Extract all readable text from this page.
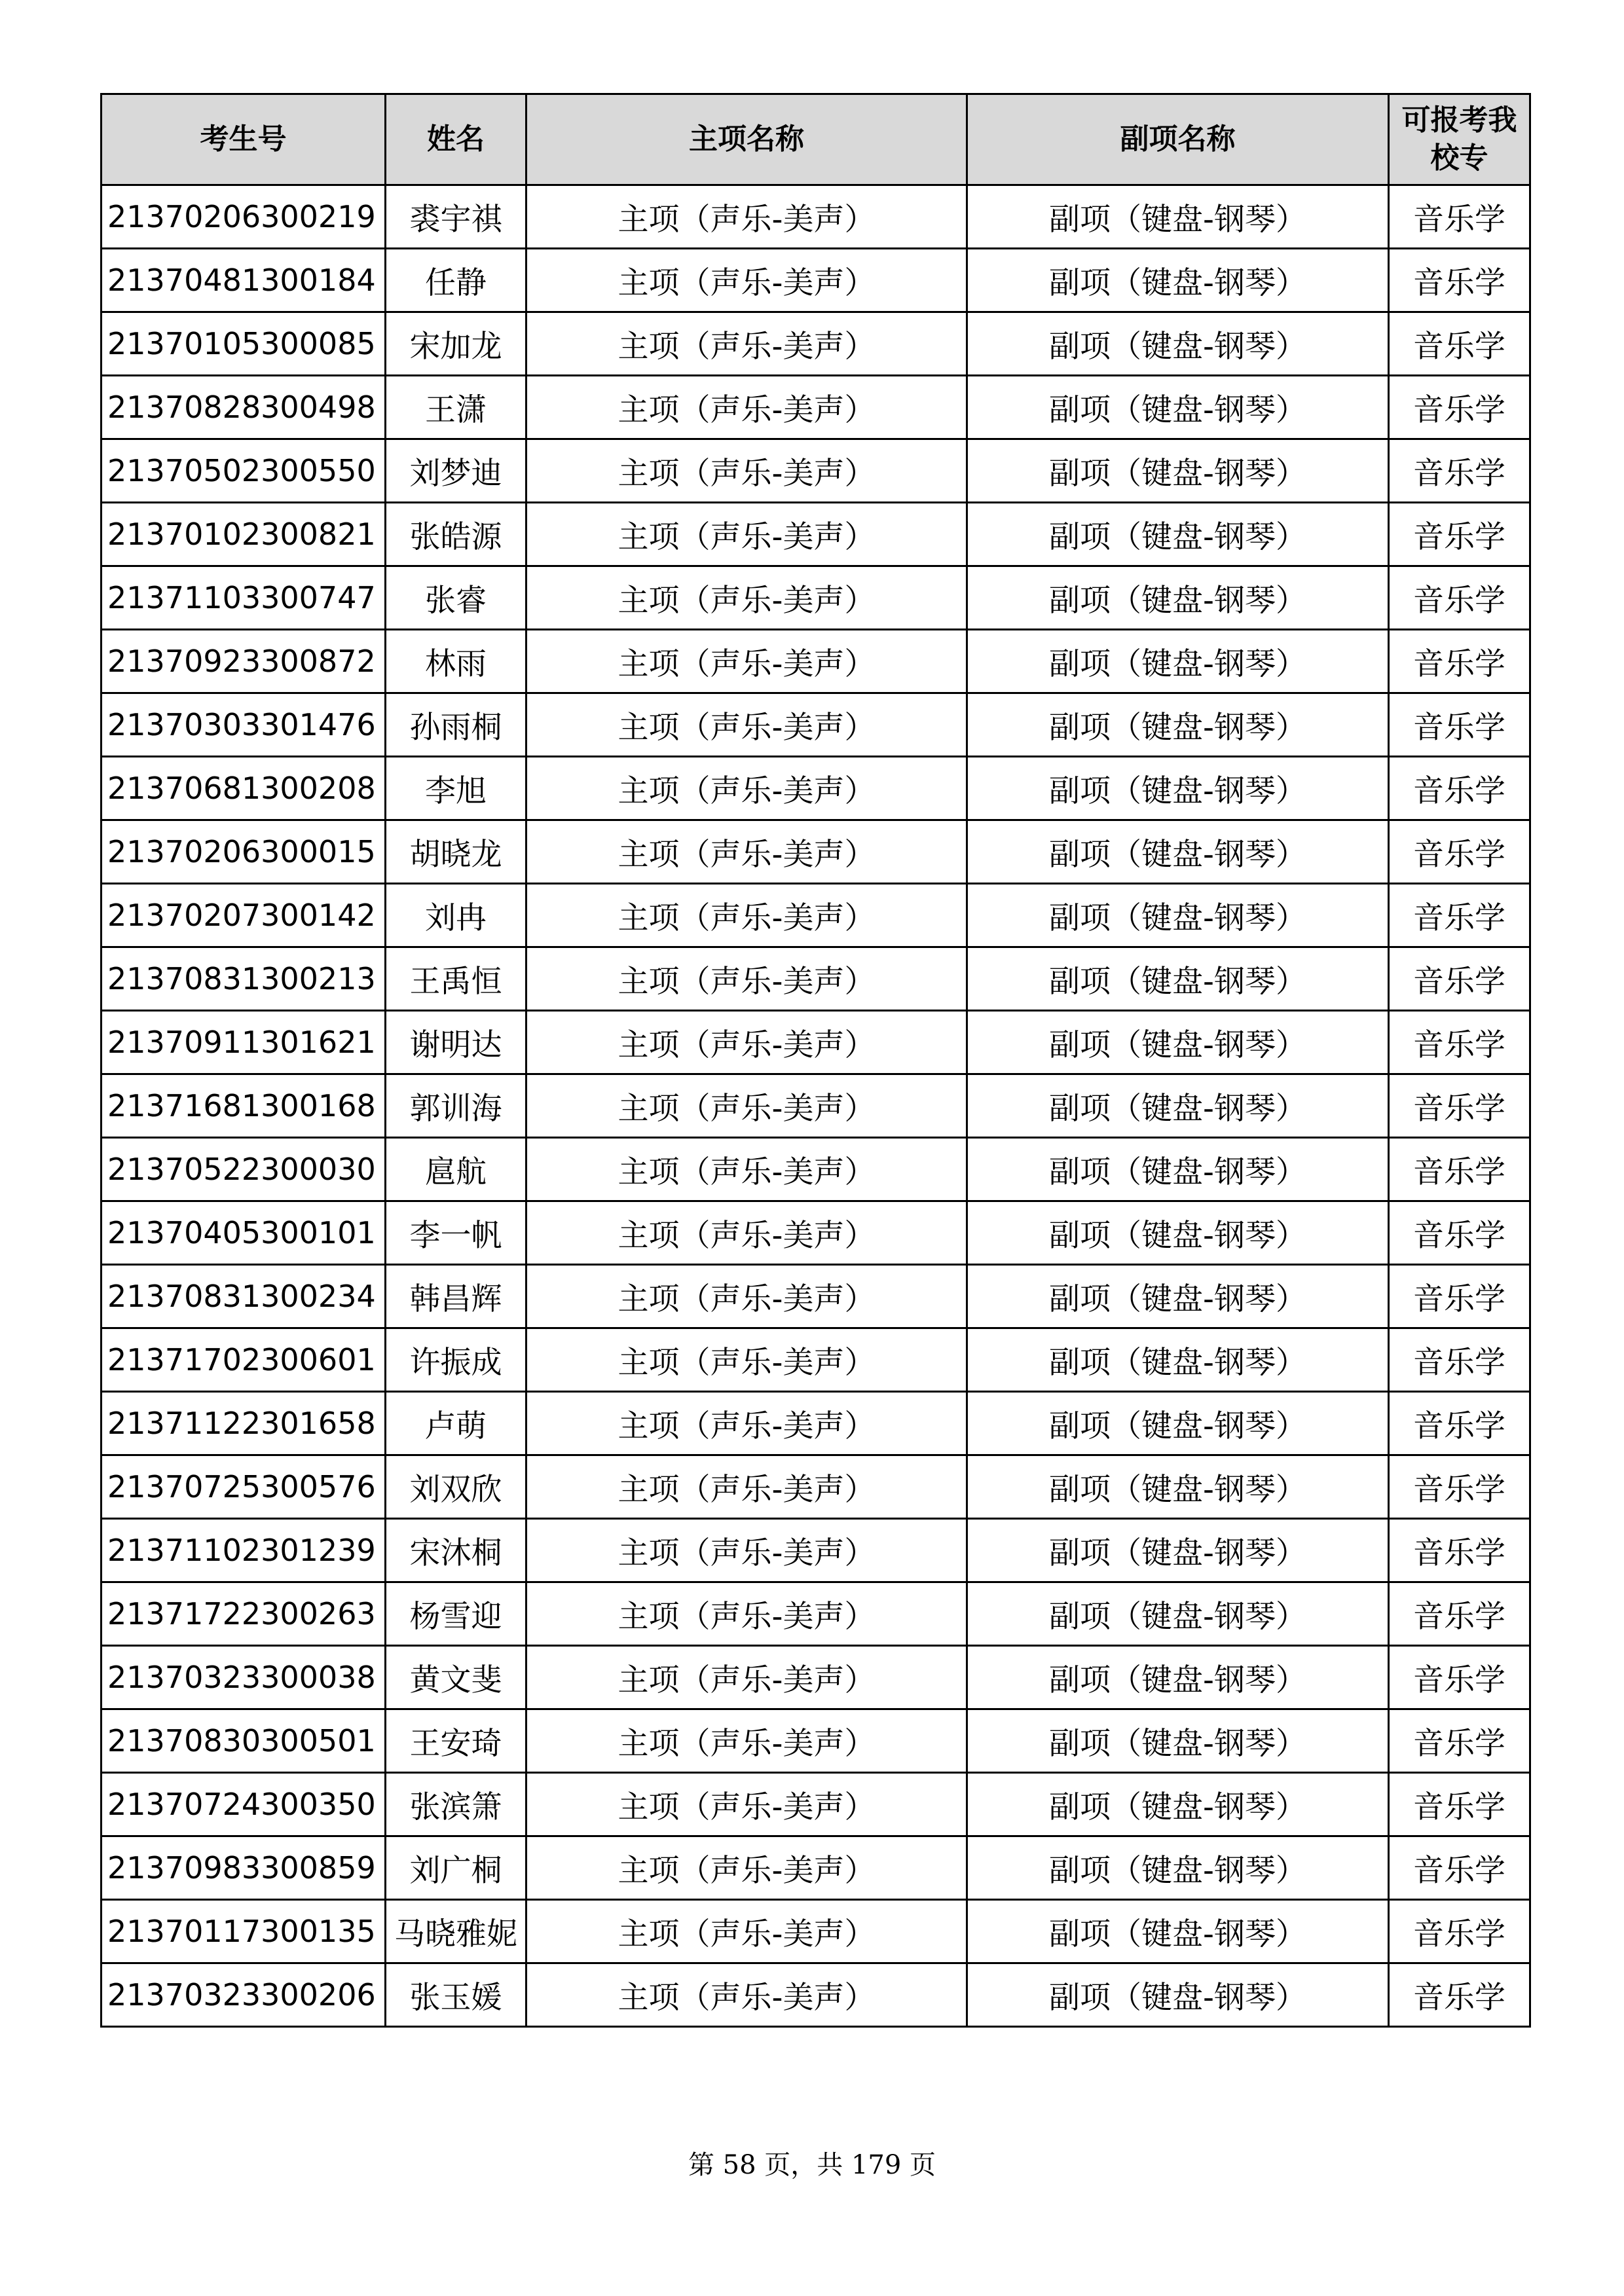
考生号	姓名	主项名称	副项名称	可报考我校专
21370206300219	裘宇祺	主项（声乐-美声）	副项（键盘-钢琴）	音乐学
21370481300184	任静	主项（声乐-美声）	副项（键盘-钢琴）	音乐学
21370105300085	宋加龙	主项（声乐-美声）	副项（键盘-钢琴）	音乐学
21370828300498	王潇	主项（声乐-美声）	副项（键盘-钢琴）	音乐学
21370502300550	刘梦迪	主项（声乐-美声）	副项（键盘-钢琴）	音乐学
21370102300821	张皓源	主项（声乐-美声）	副项（键盘-钢琴）	音乐学
21371103300747	张睿	主项（声乐-美声）	副项（键盘-钢琴）	音乐学
21370923300872	林雨	主项（声乐-美声）	副项（键盘-钢琴）	音乐学
21370303301476	孙雨桐	主项（声乐-美声）	副项（键盘-钢琴）	音乐学
21370681300208	李旭	主项（声乐-美声）	副项（键盘-钢琴）	音乐学
21370206300015	胡晓龙	主项（声乐-美声）	副项（键盘-钢琴）	音乐学
21370207300142	刘冉	主项（声乐-美声）	副项（键盘-钢琴）	音乐学
21370831300213	王禹恒	主项（声乐-美声）	副项（键盘-钢琴）	音乐学
21370911301621	谢明达	主项（声乐-美声）	副项（键盘-钢琴）	音乐学
21371681300168	郭训海	主项（声乐-美声）	副项（键盘-钢琴）	音乐学
21370522300030	扈航	主项（声乐-美声）	副项（键盘-钢琴）	音乐学
21370405300101	李一帆	主项（声乐-美声）	副项（键盘-钢琴）	音乐学
21370831300234	韩昌辉	主项（声乐-美声）	副项（键盘-钢琴）	音乐学
21371702300601	许振成	主项（声乐-美声）	副项（键盘-钢琴）	音乐学
21371122301658	卢萌	主项（声乐-美声）	副项（键盘-钢琴）	音乐学
21370725300576	刘双欣	主项（声乐-美声）	副项（键盘-钢琴）	音乐学
21371102301239	宋沐桐	主项（声乐-美声）	副项（键盘-钢琴）	音乐学
21371722300263	杨雪迎	主项（声乐-美声）	副项（键盘-钢琴）	音乐学
21370323300038	黄文斐	主项（声乐-美声）	副项（键盘-钢琴）	音乐学
21370830300501	王安琦	主项（声乐-美声）	副项（键盘-钢琴）	音乐学
21370724300350	张滨箫	主项（声乐-美声）	副项（键盘-钢琴）	音乐学
21370983300859	刘广桐	主项（声乐-美声）	副项（键盘-钢琴）	音乐学
21370117300135	马晓雅妮	主项（声乐-美声）	副项（键盘-钢琴）	音乐学
21370323300206	张玉媛	主项（声乐-美声）	副项（键盘-钢琴）	音乐学
第 58 页，共 179 页
